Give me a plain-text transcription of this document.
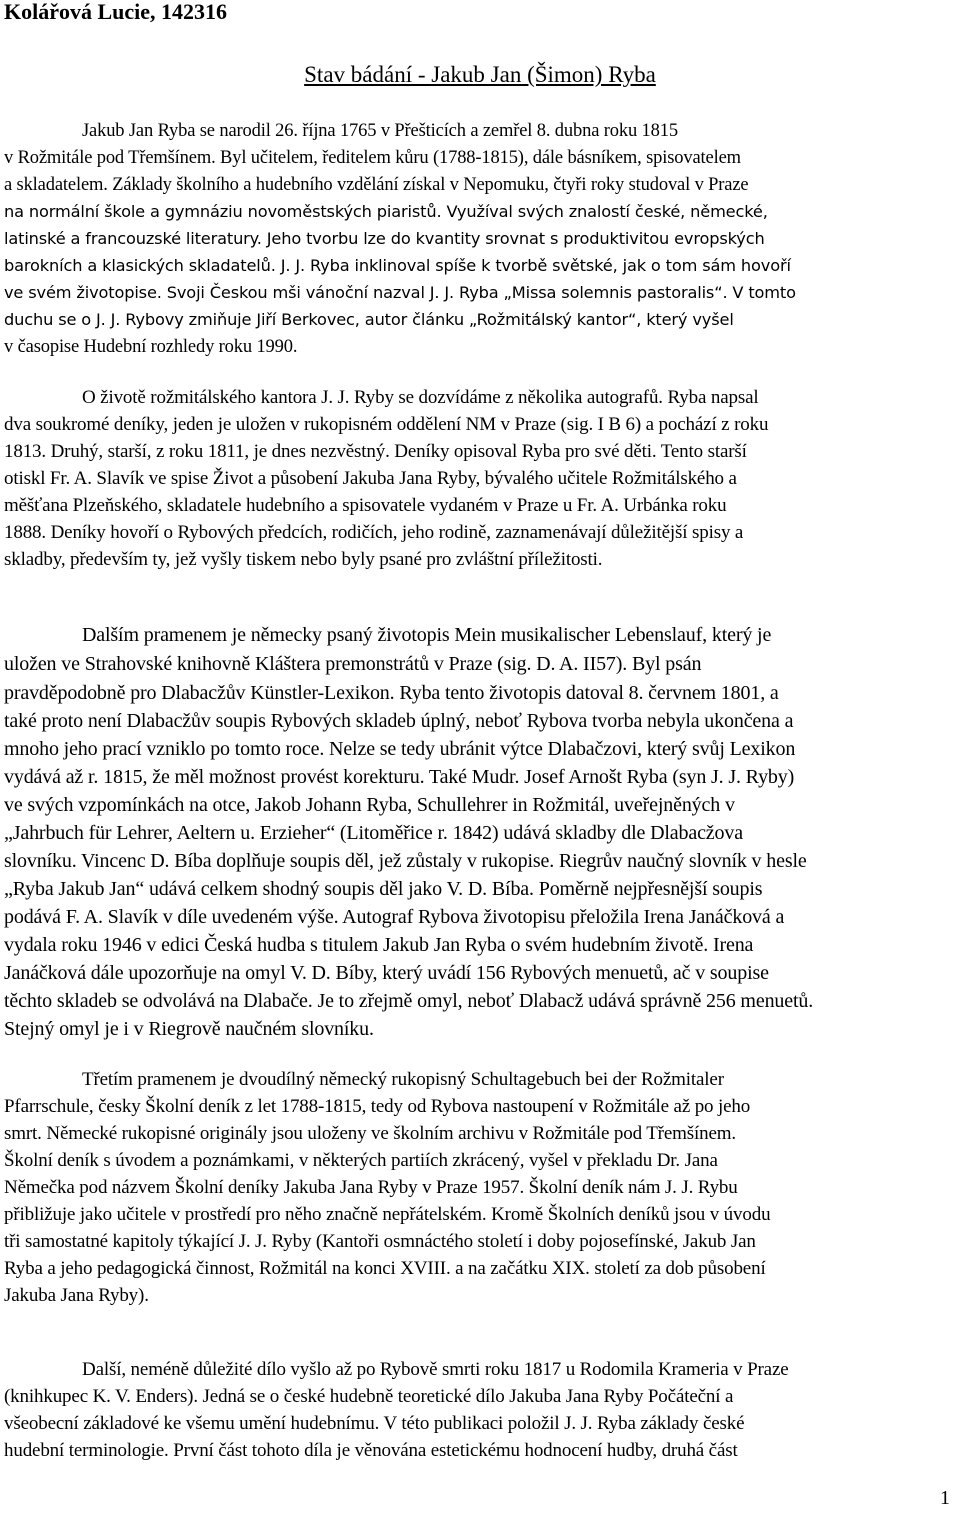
Kolářová Lucie, 142316
Stav bádání - Jakub Jan (Šimon) Ryba
Jakub Jan Ryba se narodil 26. října 1765 v Přešticích a zemřel 8. dubna roku 1815
v Rožmitále pod Třemšínem. Byl učitelem, ředitelem kůru (1788-1815), dále básníkem, spisovatelem
a skladatelem. Základy školního a hudebního vzdělání získal v Nepomuku, čtyři roky studoval v Praze
na normální škole a gymnáziu novoměstských piaristů. Využíval svých znalostí české, německé,
latinské a francouzské literatury. Jeho tvorbu lze do kvantity srovnat s produktivitou evropských
barokních a klasických skladatelů. J. J. Ryba inklinoval spíše k tvorbě světské, jak o tom sám hovoří
ve svém životopise. Svoji Českou mši vánoční nazval J. J. Ryba „Missa solemnis pastoralis“. V tomto
duchu se o J. J. Rybovy zmiňuje Jiří Berkovec, autor článku „Rožmitálský kantor“, který vyšel
v časopise Hudební rozhledy roku 1990.
O životě rožmitálského kantora J. J. Ryby se dozvídáme z několika autografů. Ryba napsal
dva soukromé deníky, jeden je uložen v rukopisném oddělení NM v Praze (sig. I B 6) a pochází z roku
1813. Druhý, starší, z roku 1811, je dnes nezvěstný. Deníky opisoval Ryba pro své děti. Tento starší
otiskl Fr. A. Slavík ve spise Život a působení Jakuba Jana Ryby, bývalého učitele Rožmitálského a
měšťana Plzeňského, skladatele hudebního a spisovatele vydaném v Praze u Fr. A. Urbánka roku
1888. Deníky hovoří o Rybových předcích, rodičích, jeho rodině, zaznamenávají důležitější spisy a
skladby, především ty, jež vyšly tiskem nebo byly psané pro zvláštní příležitosti.
Dalším pramenem je německy psaný životopis Mein musikalischer Lebenslauf, který je
uložen ve Strahovské knihovně Kláštera premonstrátů v Praze (sig. D. A. II57). Byl psán
pravděpodobně pro Dlabacžův Künstler-Lexikon. Ryba tento životopis datoval 8. červnem 1801, a
také proto není Dlabacžův soupis Rybových skladeb úplný, neboť Rybova tvorba nebyla ukončena a
mnoho jeho prací vzniklo po tomto roce. Nelze se tedy ubránit výtce Dlabačzovi, který svůj Lexikon
vydává až r. 1815, že měl možnost provést korekturu. Také Mudr. Josef Arnošt Ryba (syn J. J. Ryby)
ve svých vzpomínkách na otce, Jakob Johann Ryba, Schullehrer in Rožmitál, uveřejněných v
„Jahrbuch für Lehrer, Aeltern u. Erzieher“ (Litoměřice r. 1842) udává skladby dle Dlabacžova
slovníku. Vincenc D. Bíba doplňuje soupis děl, jež zůstaly v rukopise. Riegrův naučný slovník v hesle
„Ryba Jakub Jan“ udává celkem shodný soupis děl jako V. D. Bíba. Poměrně nejpřesnější soupis
podává F. A. Slavík v díle uvedeném výše. Autograf Rybova životopisu přeložila Irena Janáčková a
vydala roku 1946 v edici Česká hudba s titulem Jakub Jan Ryba o svém hudebním životě. Irena
Janáčková dále upozorňuje na omyl V. D. Bíby, který uvádí 156 Rybových menuetů, ač v soupise
těchto skladeb se odvolává na Dlabače. Je to zřejmě omyl, neboť Dlabacž udává správně 256 menuetů.
Stejný omyl je i v Riegrově naučném slovníku.
Třetím pramenem je dvoudílný německý rukopisný Schultagebuch bei der Rožmitaler
Pfarrschule, česky Školní deník z let 1788-1815, tedy od Rybova nastoupení v Rožmitále až po jeho
smrt. Německé rukopisné originály jsou uloženy ve školním archivu v Rožmitále pod Třemšínem.
Školní deník s úvodem a poznámkami, v některých partiích zkrácený, vyšel v překladu Dr. Jana
Němečka pod názvem Školní deníky Jakuba Jana Ryby v Praze 1957. Školní deník nám J. J. Rybu
přibližuje jako učitele v prostředí pro něho značně nepřátelském. Kromě Školních deníků jsou v úvodu
tři samostatné kapitoly týkající J. J. Ryby (Kantoři osmnáctého století i doby pojosefínské, Jakub Jan
Ryba a jeho pedagogická činnost, Rožmitál na konci XVIII. a na začátku XIX. století za dob působení
Jakuba Jana Ryby).
Další, neméně důležité dílo vyšlo až po Rybově smrti roku 1817 u Rodomila Krameria v Praze
(knihkupec K. V. Enders). Jedná se o české hudebně teoretické dílo Jakuba Jana Ryby Počáteční a
všeobecní základové ke všemu umění hudebnímu. V této publikaci položil J. J. Ryba základy české
hudební terminologie. První část tohoto díla je věnována estetickému hodnocení hudby, druhá část
1
